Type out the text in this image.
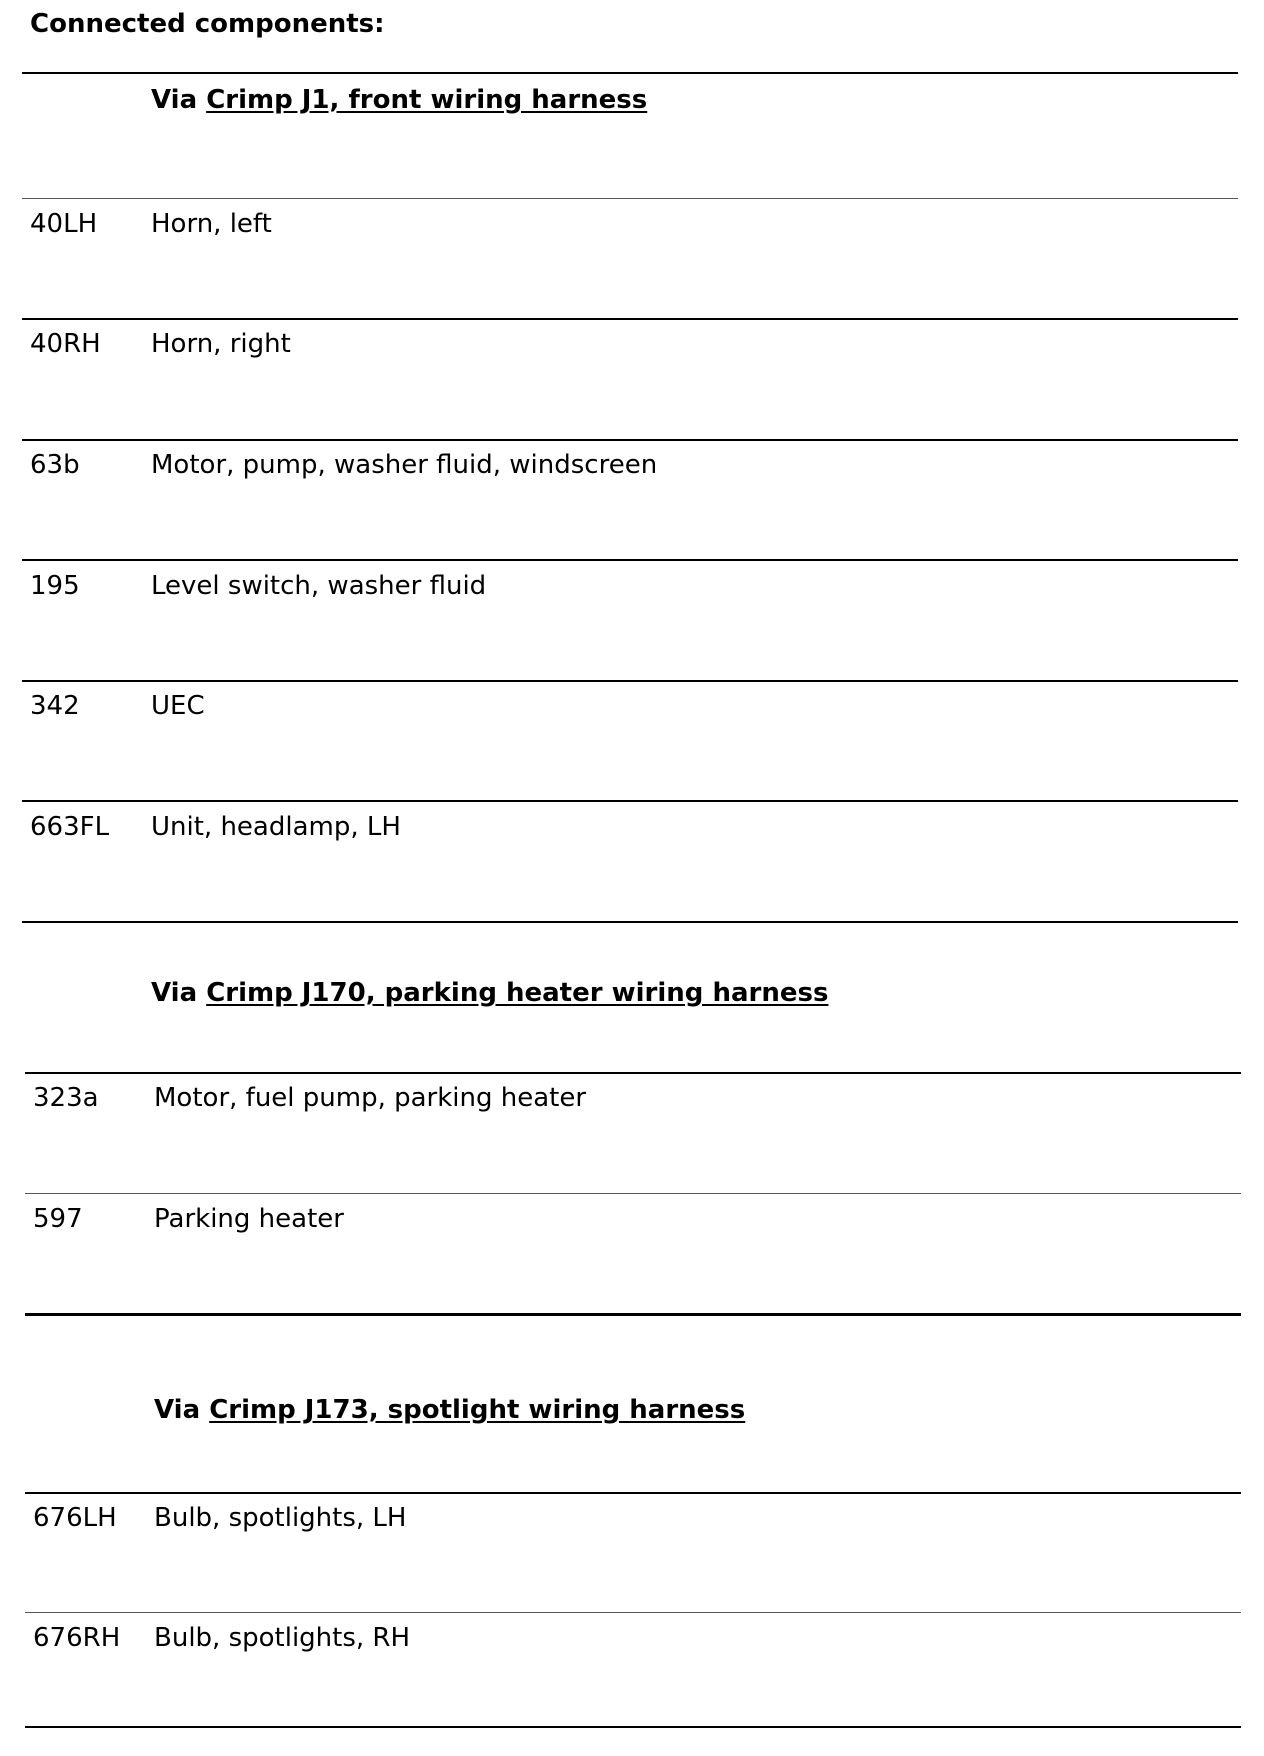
Connected components:
Via Crimp J1, front wiring harness
40LH Horn, left
40RH Horn, right
63b	Motor, pump, washer fluid, windscreen
195	Level switch, washer fluid
342	UEC
663FL Unit, headlamp, LH
Via Crimp J170, parking heater wiring harness
323a Motor, fuel pump, parking heater
597	Parking heater
Via Crimp J173, spotlight wiring harness
676LH Bulb, spotlights, LH
676RH Bulb, spotlights, RH
